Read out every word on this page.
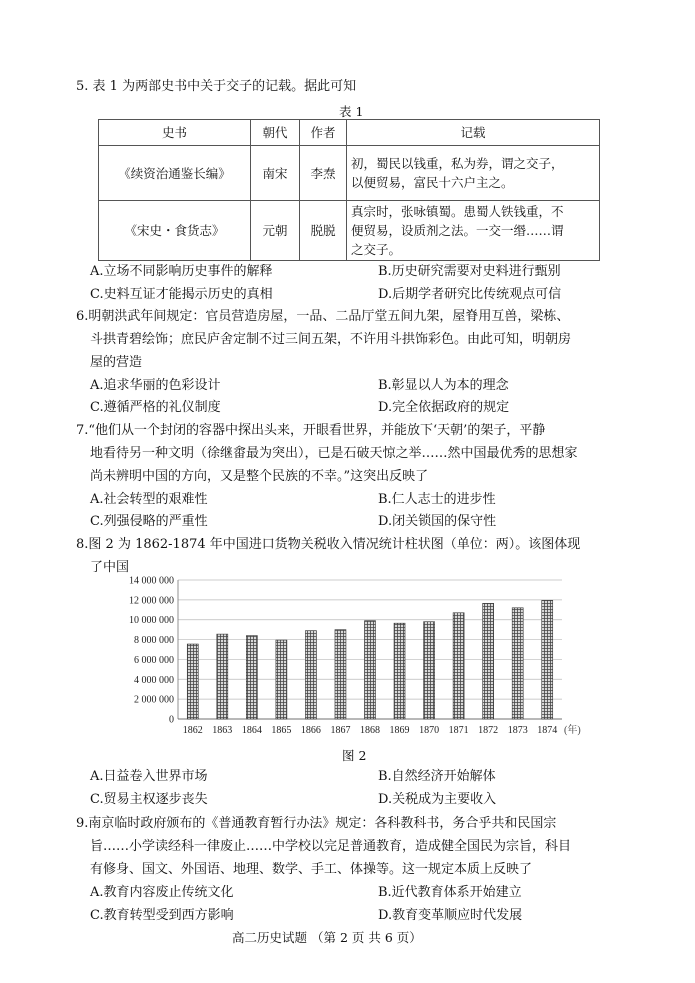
5. 表 1 为两部史书中关于交子的记载。据此可知
表 1
史书	朝代	作者	记载
《续资治通鉴长编》	南宋	李焘	初，蜀民以钱重，私为券，谓之交子，
以便贸易，富民十六户主之。

《宋史・食货志》	元朝	脱脱	真宗时，张咏镇蜀。患蜀人铁钱重，不
便贸易，设质剂之法。一交一缗……谓
之交子。
A.立场不同影响历史事件的解释	B.历史研究需要对史料进行甄别
C.史料互证才能揭示历史的真相	D.后期学者研究比传统观点可信
6.明朝洪武年间规定：官员营造房屋，一品、二品厅堂五间九架，屋脊用互兽，梁栋、
斗拱青碧绘饰；庶民庐舍定制不过三间五架，不许用斗拱饰彩色。由此可知，明朝房
屋的营造
A.追求华丽的色彩设计	B.彰显以人为本的理念
C.遵循严格的礼仪制度	D.完全依据政府的规定
7.“他们从一个封闭的容器中探出头来，开眼看世界，并能放下‘天朝’的架子，平静
地看待另一种文明（徐继畬最为突出），已是石破天惊之举……然中国最优秀的思想家
尚未辨明中国的方向，又是整个民族的不幸。”这突出反映了
A.社会转型的艰难性	B.仁人志士的进步性
C.列强侵略的严重性	D.闭关锁国的保守性
8.图 2 为 1862-1874 年中国进口货物关税收入情况统计柱状图（单位：两）。该图体现
了中国
0
2 000 000
4 000 000
6 000 000
8 000 000
10 000 000
12 000 000
14 000 000
1862 1863 1864 1865 1866 1867 1868 1869 1870 1871 1872 1873 1874 (年)
图 2
A.日益卷入世界市场	B.自然经济开始解体
C.贸易主权逐步丧失	D.关税成为主要收入
9.南京临时政府颁布的《普通教育暂行办法》规定：各科教科书，务合乎共和民国宗
旨……小学读经科一律废止……中学校以完足普通教育，造成健全国民为宗旨，科目
有修身、国文、外国语、地理、数学、手工、体操等。这一规定本质上反映了
A.教育内容废止传统文化	B.近代教育体系开始建立
C.教育转型受到西方影响	D.教育变革顺应时代发展
高二历史试题 （第 2 页 共 6 页）
